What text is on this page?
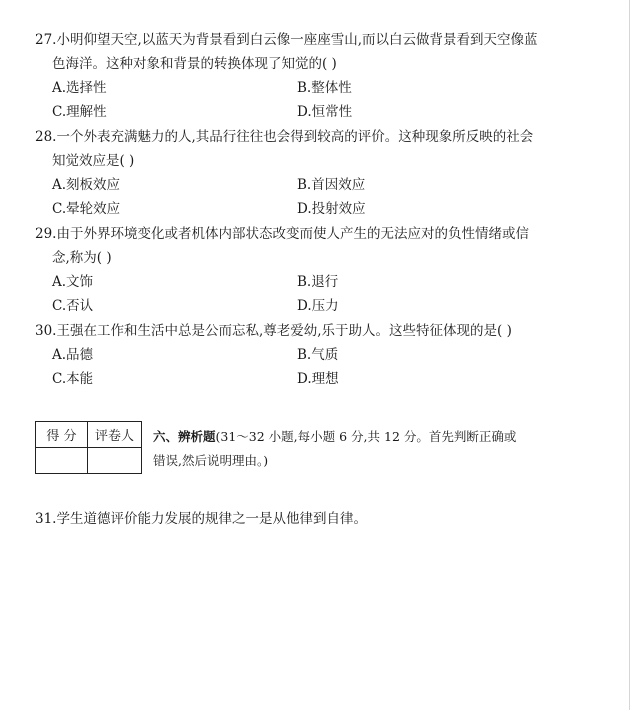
27.小明仰望天空,以蓝天为背景看到白云像一座座雪山,而以白云做背景看到天空像蓝
色海洋。这种对象和背景的转换体现了知觉的( )
A.选择性	B.整体性
C.理解性	D.恒常性
28.一个外表充满魅力的人,其品行往往也会得到较高的评价。这种现象所反映的社会
知觉效应是( )
A.刻板效应	B.首因效应
C.晕轮效应	D.投射效应
29.由于外界环境变化或者机体内部状态改变而使人产生的无法应对的负性情绪或信
念,称为( )
A.文饰	B.退行
C.否认	D.压力
30.王强在工作和生活中总是公而忘私,尊老爱幼,乐于助人。这些特征体现的是( )
A.品德	B.气质
C.本能	D.理想
得 分	评卷人
	六、辨析题(31～32 小题,每小题 6 分,共 12 分。首先判断正确或
错误,然后说明理由。)
31.学生道德评价能力发展的规律之一是从他律到自律。
